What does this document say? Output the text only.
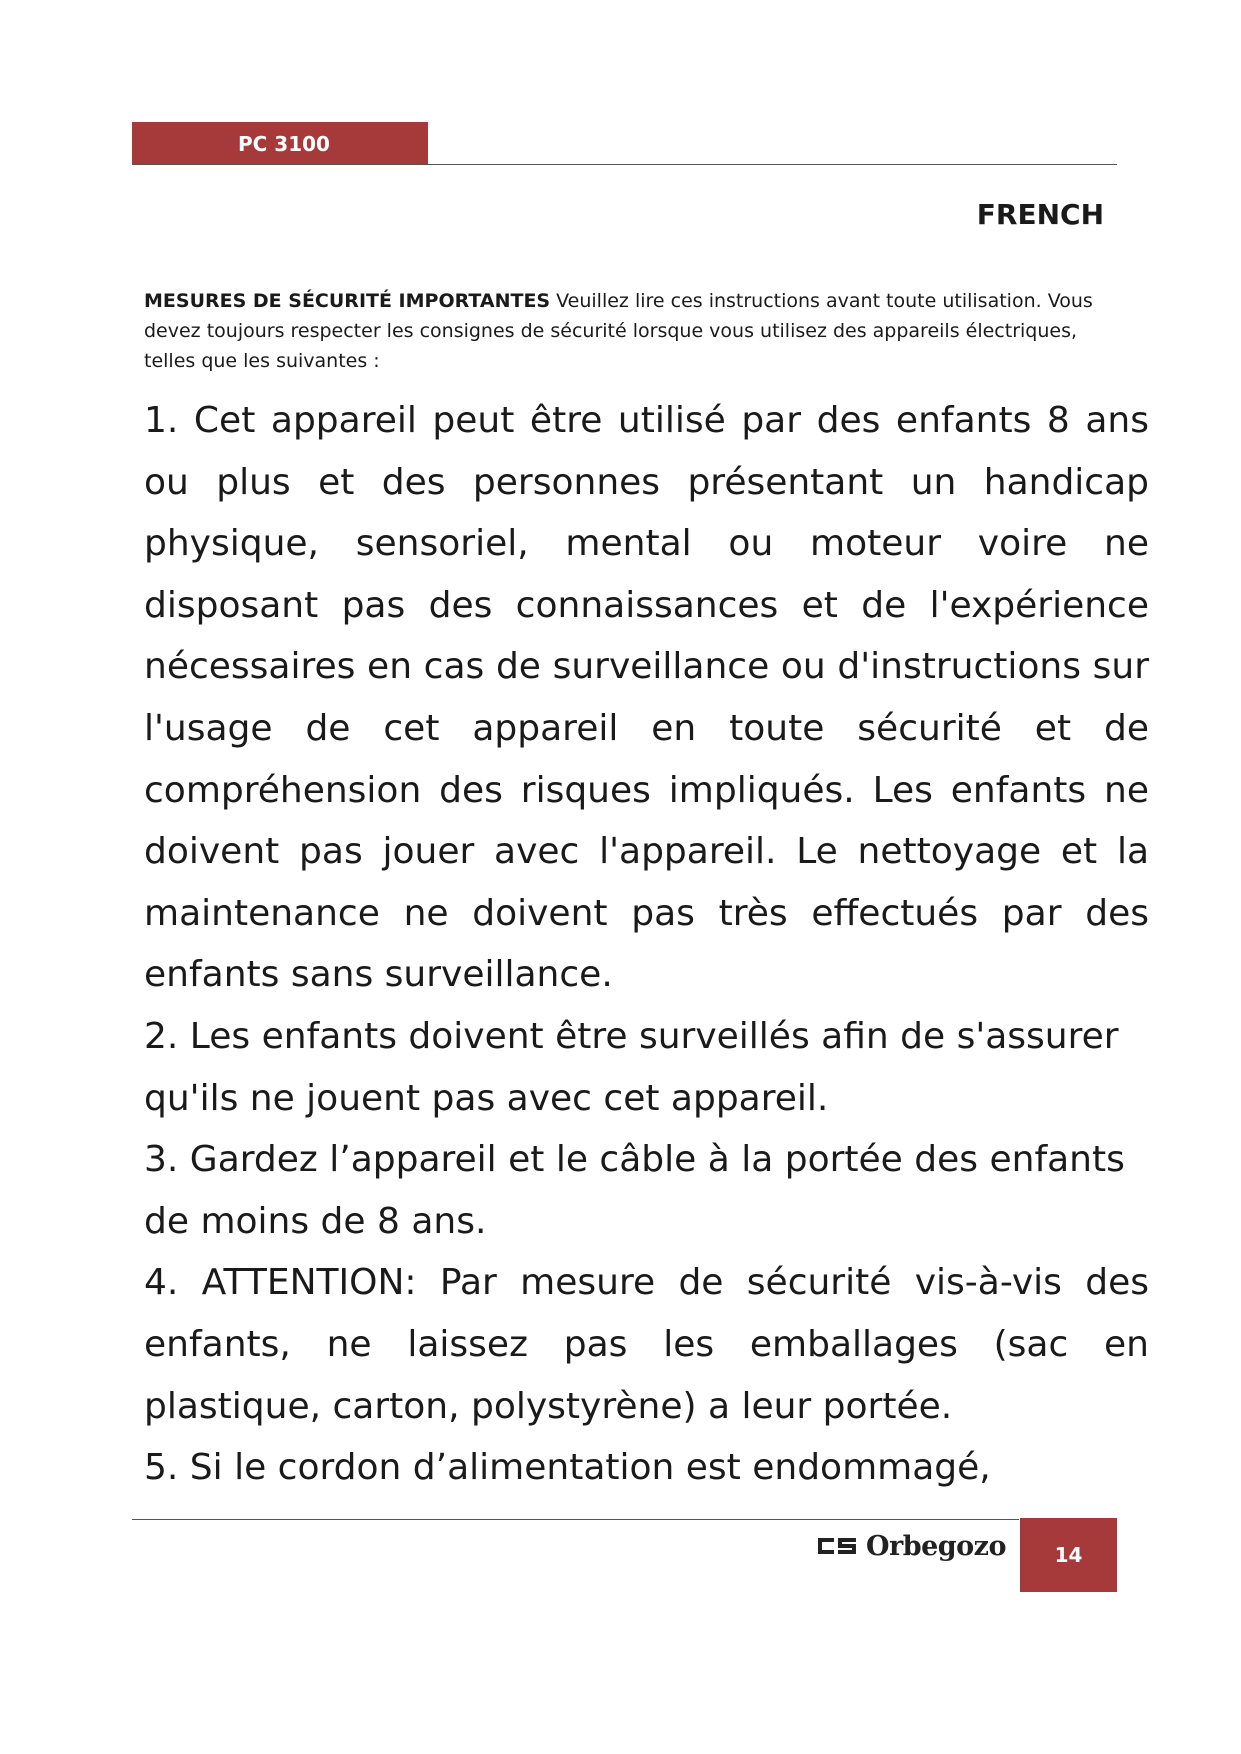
PC 3100
FRENCH
MESURES DE SÉCURITÉ IMPORTANTES Veuillez lire ces instructions avant toute utilisation. Vous devez toujours respecter les consignes de sécurité lorsque vous utilisez des appareils électriques, telles que les suivantes :
1. Cet appareil peut être utilisé par des enfants 8 ans ou plus et des personnes présentant un handicap physique, sensoriel, mental ou moteur voire ne disposant pas des connaissances et de l'expérience nécessaires en cas de surveillance ou d'instructions sur l'usage de cet appareil en toute sécurité et de compréhension des risques impliqués. Les enfants ne doivent pas jouer avec l'appareil. Le nettoyage et la maintenance ne doivent pas très effectués par des enfants sans surveillance.
2. Les enfants doivent être surveillés afin de s'assurer qu'ils ne jouent pas avec cet appareil.
3. Gardez l’appareil et le câble à la portée des enfants de moins de 8 ans.
4. ATTENTION: Par mesure de sécurité vis-à-vis des enfants, ne laissez pas les emballages (sac en plastique, carton, polystyrène) a leur portée.
5. Si le cordon d’alimentation est endommagé,
Orbegozo	14
